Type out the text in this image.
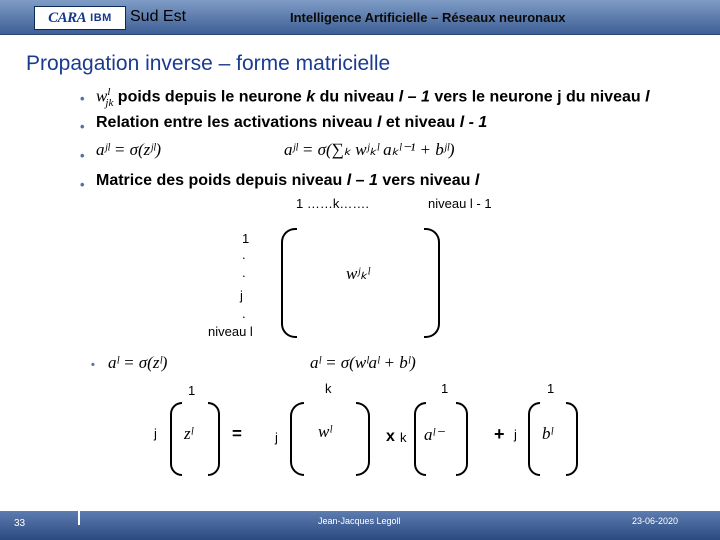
CARA IBM Sud Est	Intelligence Artificielle – Réseaux neuronaux
Propagation inverse – forme matricielle
• $w^l_{jk}$ poids depuis le neurone k du niveau l – 1 vers le neurone j du niveau l
• Relation entre les activations niveau l et niveau l - 1
• aʲˡ = σ(zʲˡ)	aʲˡ = σ(∑ₖ wʲₖˡ aₖˡ⁻¹ + bʲˡ)
• Matrice des poids depuis niveau l – 1 vers niveau l
1 ……k…….	niveau l - 1
1
.
.
j
.
niveau l
wʲₖˡ
• aˡ = σ(zˡ)	aˡ = σ(wˡaˡ + bˡ)
1
j zˡ =
k
j wˡ	x k
1
aˡ⁻	+ j
1
bˡ
33	Jean-Jacques Legoll	23-06-2020
